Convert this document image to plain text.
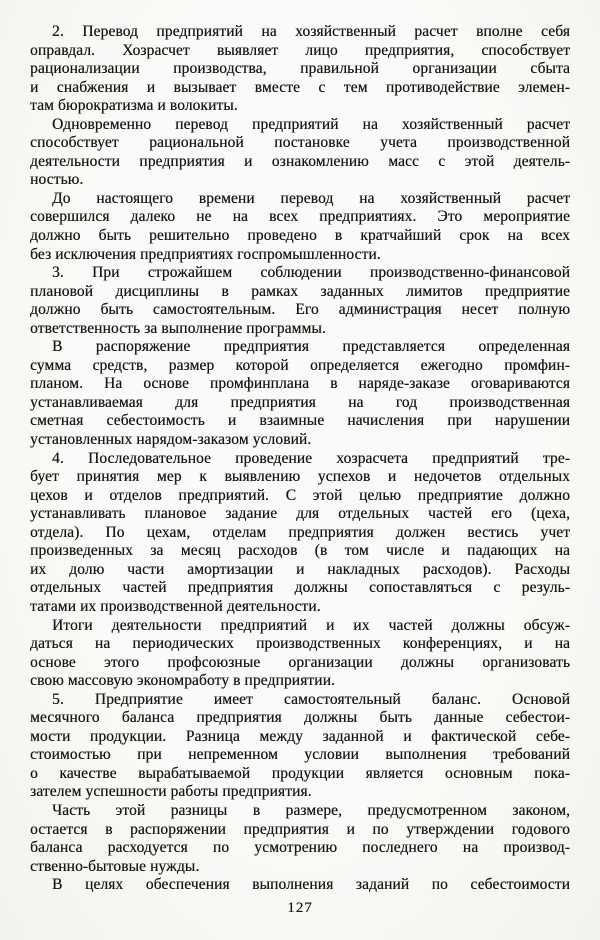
2. Перевод предприятий на хозяйственный расчет вполне себя
оправдал. Хозрасчет выявляет лицо предприятия, способствует
рационализации производства, правильной организации сбыта
и снабжения и вызывает вместе с тем противодействие элемен-
там бюрократизма и волокиты.
Одновременно перевод предприятий на хозяйственный расчет
способствует рациональной постановке учета производственной
деятельности предприятия и ознакомлению масс с этой деятель-
ностью.
До настоящего времени перевод на хозяйственный расчет
совершился далеко не на всех предприятиях. Это мероприятие
должно быть решительно проведено в кратчайший срок на всех
без исключения предприятиях госпромышленности.
3. При строжайшем соблюдении производственно-финансовой
плановой дисциплины в рамках заданных лимитов предприятие
должно быть самостоятельным. Его администрация несет полную
ответственность за выполнение программы.
В распоряжение предприятия представляется определенная
сумма средств, размер которой определяется ежегодно промфин-
планом. На основе промфинплана в наряде-заказе оговариваются
устанавливаемая для предприятия на год производственная
сметная себестоимость и взаимные начисления при нарушении
установленных нарядом-заказом условий.
4. Последовательное проведение хозрасчета предприятий тре-
бует принятия мер к выявлению успехов и недочетов отдельных
цехов и отделов предприятий. С этой целью предприятие должно
устанавливать плановое задание для отдельных частей его (цеха,
отдела). По цехам, отделам предприятия должен вестись учет
произведенных за месяц расходов (в том числе и падающих на
их долю части амортизации и накладных расходов). Расходы
отдельных частей предприятия должны сопоставляться с резуль-
татами их производственной деятельности.
Итоги деятельности предприятий и их частей должны обсуж-
даться на периодических производственных конференциях, и на
основе этого профсоюзные организации должны организовать
свою массовую экономработу в предприятии.
5. Предприятие имеет самостоятельный баланс. Основой
месячного баланса предприятия должны быть данные себестои-
мости продукции. Разница между заданной и фактической себе-
стоимостью при непременном условии выполнения требований
о качестве вырабатываемой продукции является основным пока-
зателем успешности работы предприятия.
Часть этой разницы в размере, предусмотренном законом,
остается в распоряжении предприятия и по утверждении годового
баланса расходуется по усмотрению последнего на производ-
ственно-бытовые нужды.
В целях обеспечения выполнения заданий по себестоимости
127
